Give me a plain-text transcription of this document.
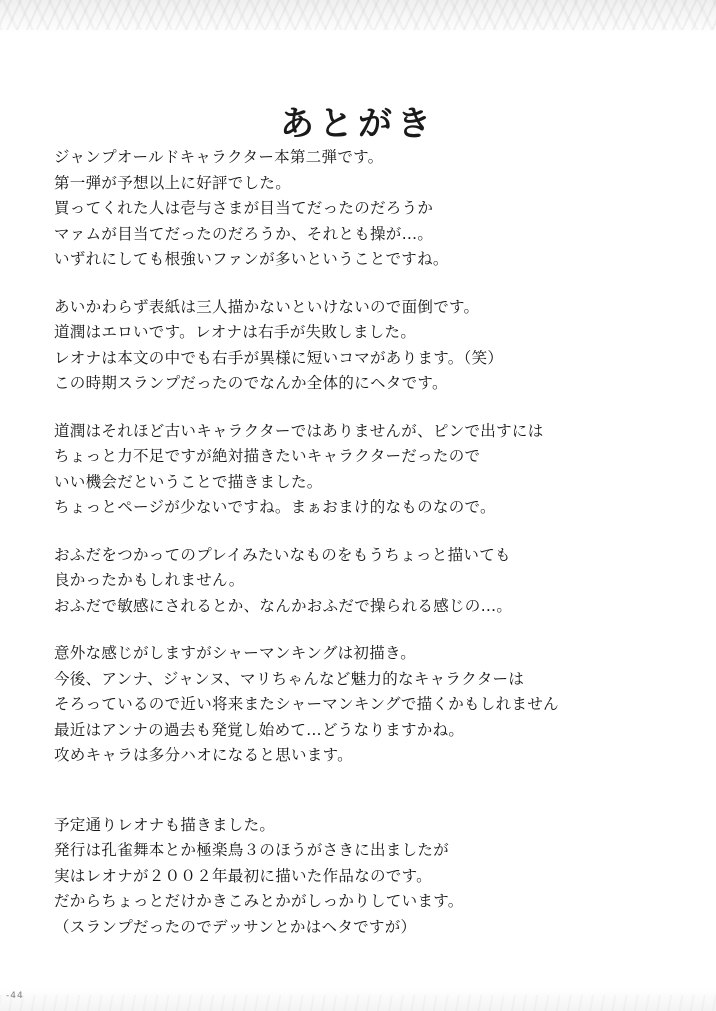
あとがき
ジャンプオールドキャラクター本第二弾です。
第一弾が予想以上に好評でした。
買ってくれた人は壱与さまが目当てだったのだろうか
マァムが目当てだったのだろうか、それとも操が…。
いずれにしても根強いファンが多いということですね。
あいかわらず表紙は三人描かないといけないので面倒です。
道潤はエロいです。レオナは右手が失敗しました。
レオナは本文の中でも右手が異様に短いコマがあります。（笑）
この時期スランプだったのでなんか全体的にヘタです。
道潤はそれほど古いキャラクターではありませんが、ピンで出すには
ちょっと力不足ですが絶対描きたいキャラクターだったので
いい機会だということで描きました。
ちょっとページが少ないですね。まぁおまけ的なものなので。
おふだをつかってのプレイみたいなものをもうちょっと描いても
良かったかもしれません。
おふだで敏感にされるとか、なんかおふだで操られる感じの…。
意外な感じがしますがシャーマンキングは初描き。
今後、アンナ、ジャンヌ、マリちゃんなど魅力的なキャラクターは
そろっているので近い将来またシャーマンキングで描くかもしれません
最近はアンナの過去も発覚し始めて…どうなりますかね。
攻めキャラは多分ハオになると思います。
予定通りレオナも描きました。
発行は孔雀舞本とか極楽鳥３のほうがさきに出ましたが
実はレオナが２００２年最初に描いた作品なのです。
だからちょっとだけかきこみとかがしっかりしています。
（スランプだったのでデッサンとかはヘタですが）
-44
